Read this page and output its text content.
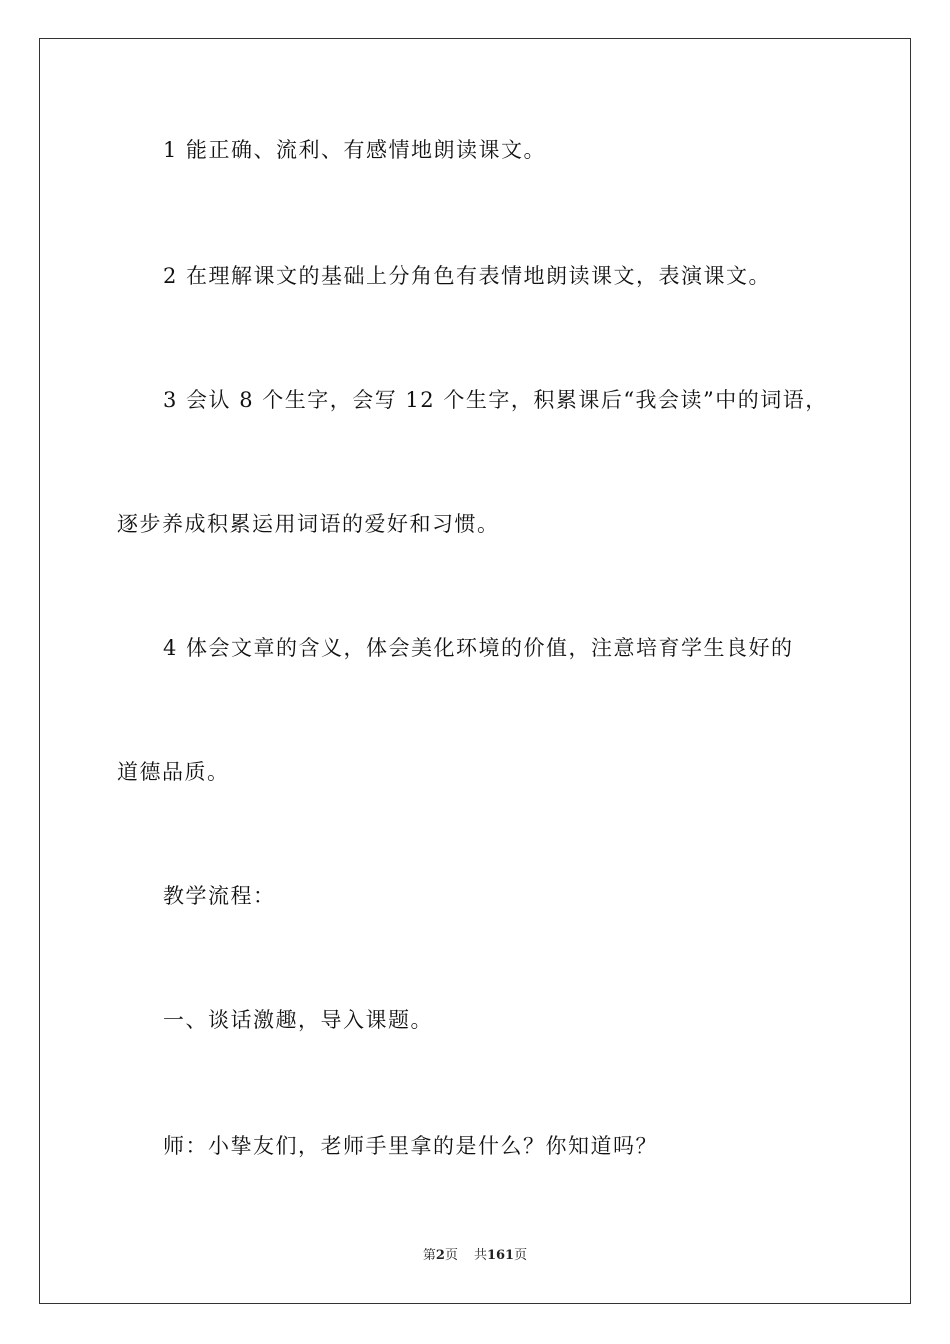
1 能正确、流利、有感情地朗读课文。
2 在理解课文的基础上分角色有表情地朗读课文，表演课文。
3 会认 8 个生字，会写 12 个生字，积累课后“我会读”中的词语，
逐步养成积累运用词语的爱好和习惯。
4 体会文章的含义，体会美化环境的价值，注意培育学生良好的
道德品质。
教学流程：
一、谈话激趣，导入课题。
师：小挚友们，老师手里拿的是什么？你知道吗？
第2页 共161页
